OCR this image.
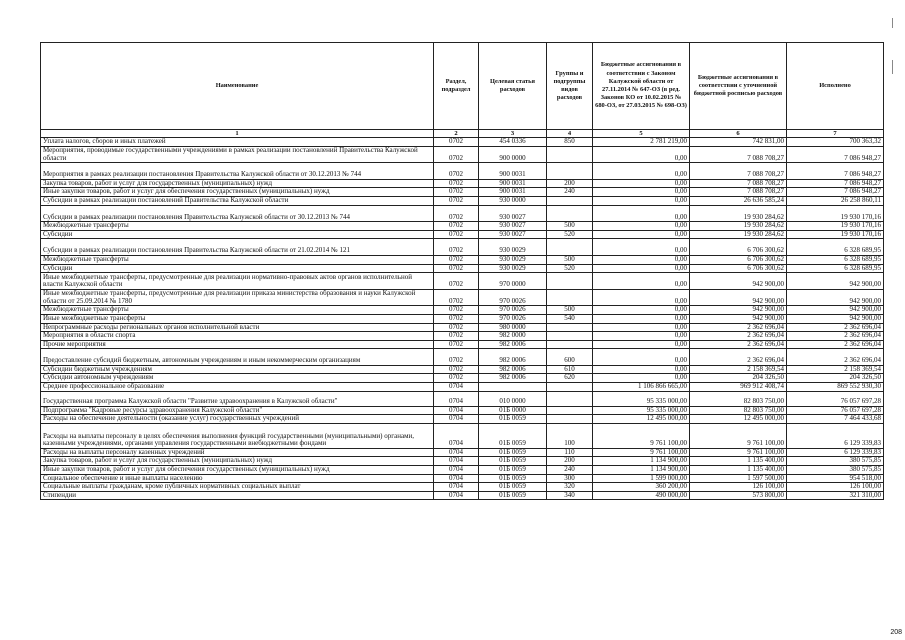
Наименование	Раздел, подраздел	Целевая статья расходов	Группы и подгруппы видов расходов	Бюджетные ассигнования в соответствии с Законом Калужской области от 27.11.2014 № 647-ОЗ (в ред. Законов КО от 10.02.2015 № 680-ОЗ, от 27.03.2015 № 698-ОЗ)	Бюджетные ассигнования в соответствии с уточненной бюджетной росписью расходов	Исполнено
1	2	3	4	5	6	7
Уплата налогов, сборов и иных платежей	0702	454 0336	850	2 781 219,00	742 831,00	700 363,32
Мероприятия, проводимые государственными учреждениями в рамках реализации постановлений Правительства Калужской области	0702	900 0000		0,00	7 088 708,27	7 086 948,27
Мероприятия в рамках реализации постановления Правительства Калужской области от 30.12.2013 № 744	0702	900 0031		0,00	7 088 708,27	7 086 948,27
Закупка товаров, работ и услуг для государственных (муниципальных) нужд	0702	900 0031	200	0,00	7 088 708,27	7 086 948,27
Иные закупки товаров, работ и услуг для обеспечения государственных (муниципальных) нужд	0702	900 0031	240	0,00	7 088 708,27	7 086 948,27
Субсидии в рамках реализации постановлений Правительства Калужской области	0702	930 0000		0,00	26 636 585,24	26 258 860,11
Субсидии в рамках реализации постановления Правительства Калужской области от 30.12.2013 № 744	0702	930 0027		0,00	19 930 284,62	19 930 170,16
Межбюджетные трансферты	0702	930 0027	500	0,00	19 930 284,62	19 930 170,16
Субсидии	0702	930 0027	520	0,00	19 930 284,62	19 930 170,16
Субсидии в рамках реализации постановления Правительства Калужской области от 21.02.2014 № 121	0702	930 0029		0,00	6 706 300,62	6 328 689,95
Межбюджетные трансферты	0702	930 0029	500	0,00	6 706 300,62	6 328 689,95
Субсидии	0702	930 0029	520	0,00	6 706 300,62	6 328 689,95
Иные межбюджетные трансферты, предусмотренные для реализации нормативно-правовых актов органов исполнительной власти Калужской области	0702	970 0000		0,00	942 900,00	942 900,00
Иные межбюджетные трансферты, предусмотренные для реализации приказа министерства образования и науки Калужской области от 25.09.2014 № 1780	0702	970 0026		0,00	942 900,00	942 900,00
Межбюджетные трансферты	0702	970 0026	500	0,00	942 900,00	942 900,00
Иные межбюджетные трансферты	0702	970 0026	540	0,00	942 900,00	942 900,00
Непрограммные расходы региональных органов исполнительной власти	0702	980 0000		0,00	2 362 696,04	2 362 696,04
Мероприятия в области спорта	0702	982 0000		0,00	2 362 696,04	2 362 696,04
Прочие мероприятия	0702	982 0006		0,00	2 362 696,04	2 362 696,04
Предоставление субсидий бюджетным, автономным учреждениям и иным некоммерческим организациям	0702	982 0006	600	0,00	2 362 696,04	2 362 696,04
Субсидии бюджетным учреждениям	0702	982 0006	610	0,00	2 158 369,54	2 158 369,54
Субсидии автономным учреждениям	0702	982 0006	620	0,00	204 326,50	204 326,50
Среднее профессиональное образование	0704			1 106 866 665,00	969 912 408,74	869 552 930,30
Государственная программа Калужской области "Развитие здравоохранения в Калужской области"	0704	010 0000		95 335 000,00	82 803 750,00	76 057 697,28
Подпрограмма "Кадровые ресурсы здравоохранения Калужской области"	0704	01Б 0000		95 335 000,00	82 803 750,00	76 057 697,28
Расходы на обеспечение деятельности (оказание услуг) государственных учреждений	0704	01Б 0059		12 495 000,00	12 495 000,00	7 464 433,68
Расходы на выплаты персоналу в целях обеспечения выполнения функций государственными (муниципальными) органами, казенными учреждениями, органами управления государственными внебюджетными фондами	0704	01Б 0059	100	9 761 100,00	9 761 100,00	6 129 339,83
Расходы на выплаты персоналу казенных учреждений	0704	01Б 0059	110	9 761 100,00	9 761 100,00	6 129 339,83
Закупка товаров, работ и услуг для государственных (муниципальных) нужд	0704	01Б 0059	200	1 134 900,00	1 135 400,00	380 575,85
Иные закупки товаров, работ и услуг для обеспечения государственных (муниципальных) нужд	0704	01Б 0059	240	1 134 900,00	1 135 400,00	380 575,85
Социальное обеспечение и иные выплаты населению	0704	01Б 0059	300	1 599 000,00	1 597 500,00	954 518,00
Социальные выплаты гражданам, кроме публичных нормативных социальных выплат	0704	01Б 0059	320	360 200,00	126 100,00	126 100,00
Стипендии	0704	01Б 0059	340	490 000,00	573 800,00	321 310,00
208
